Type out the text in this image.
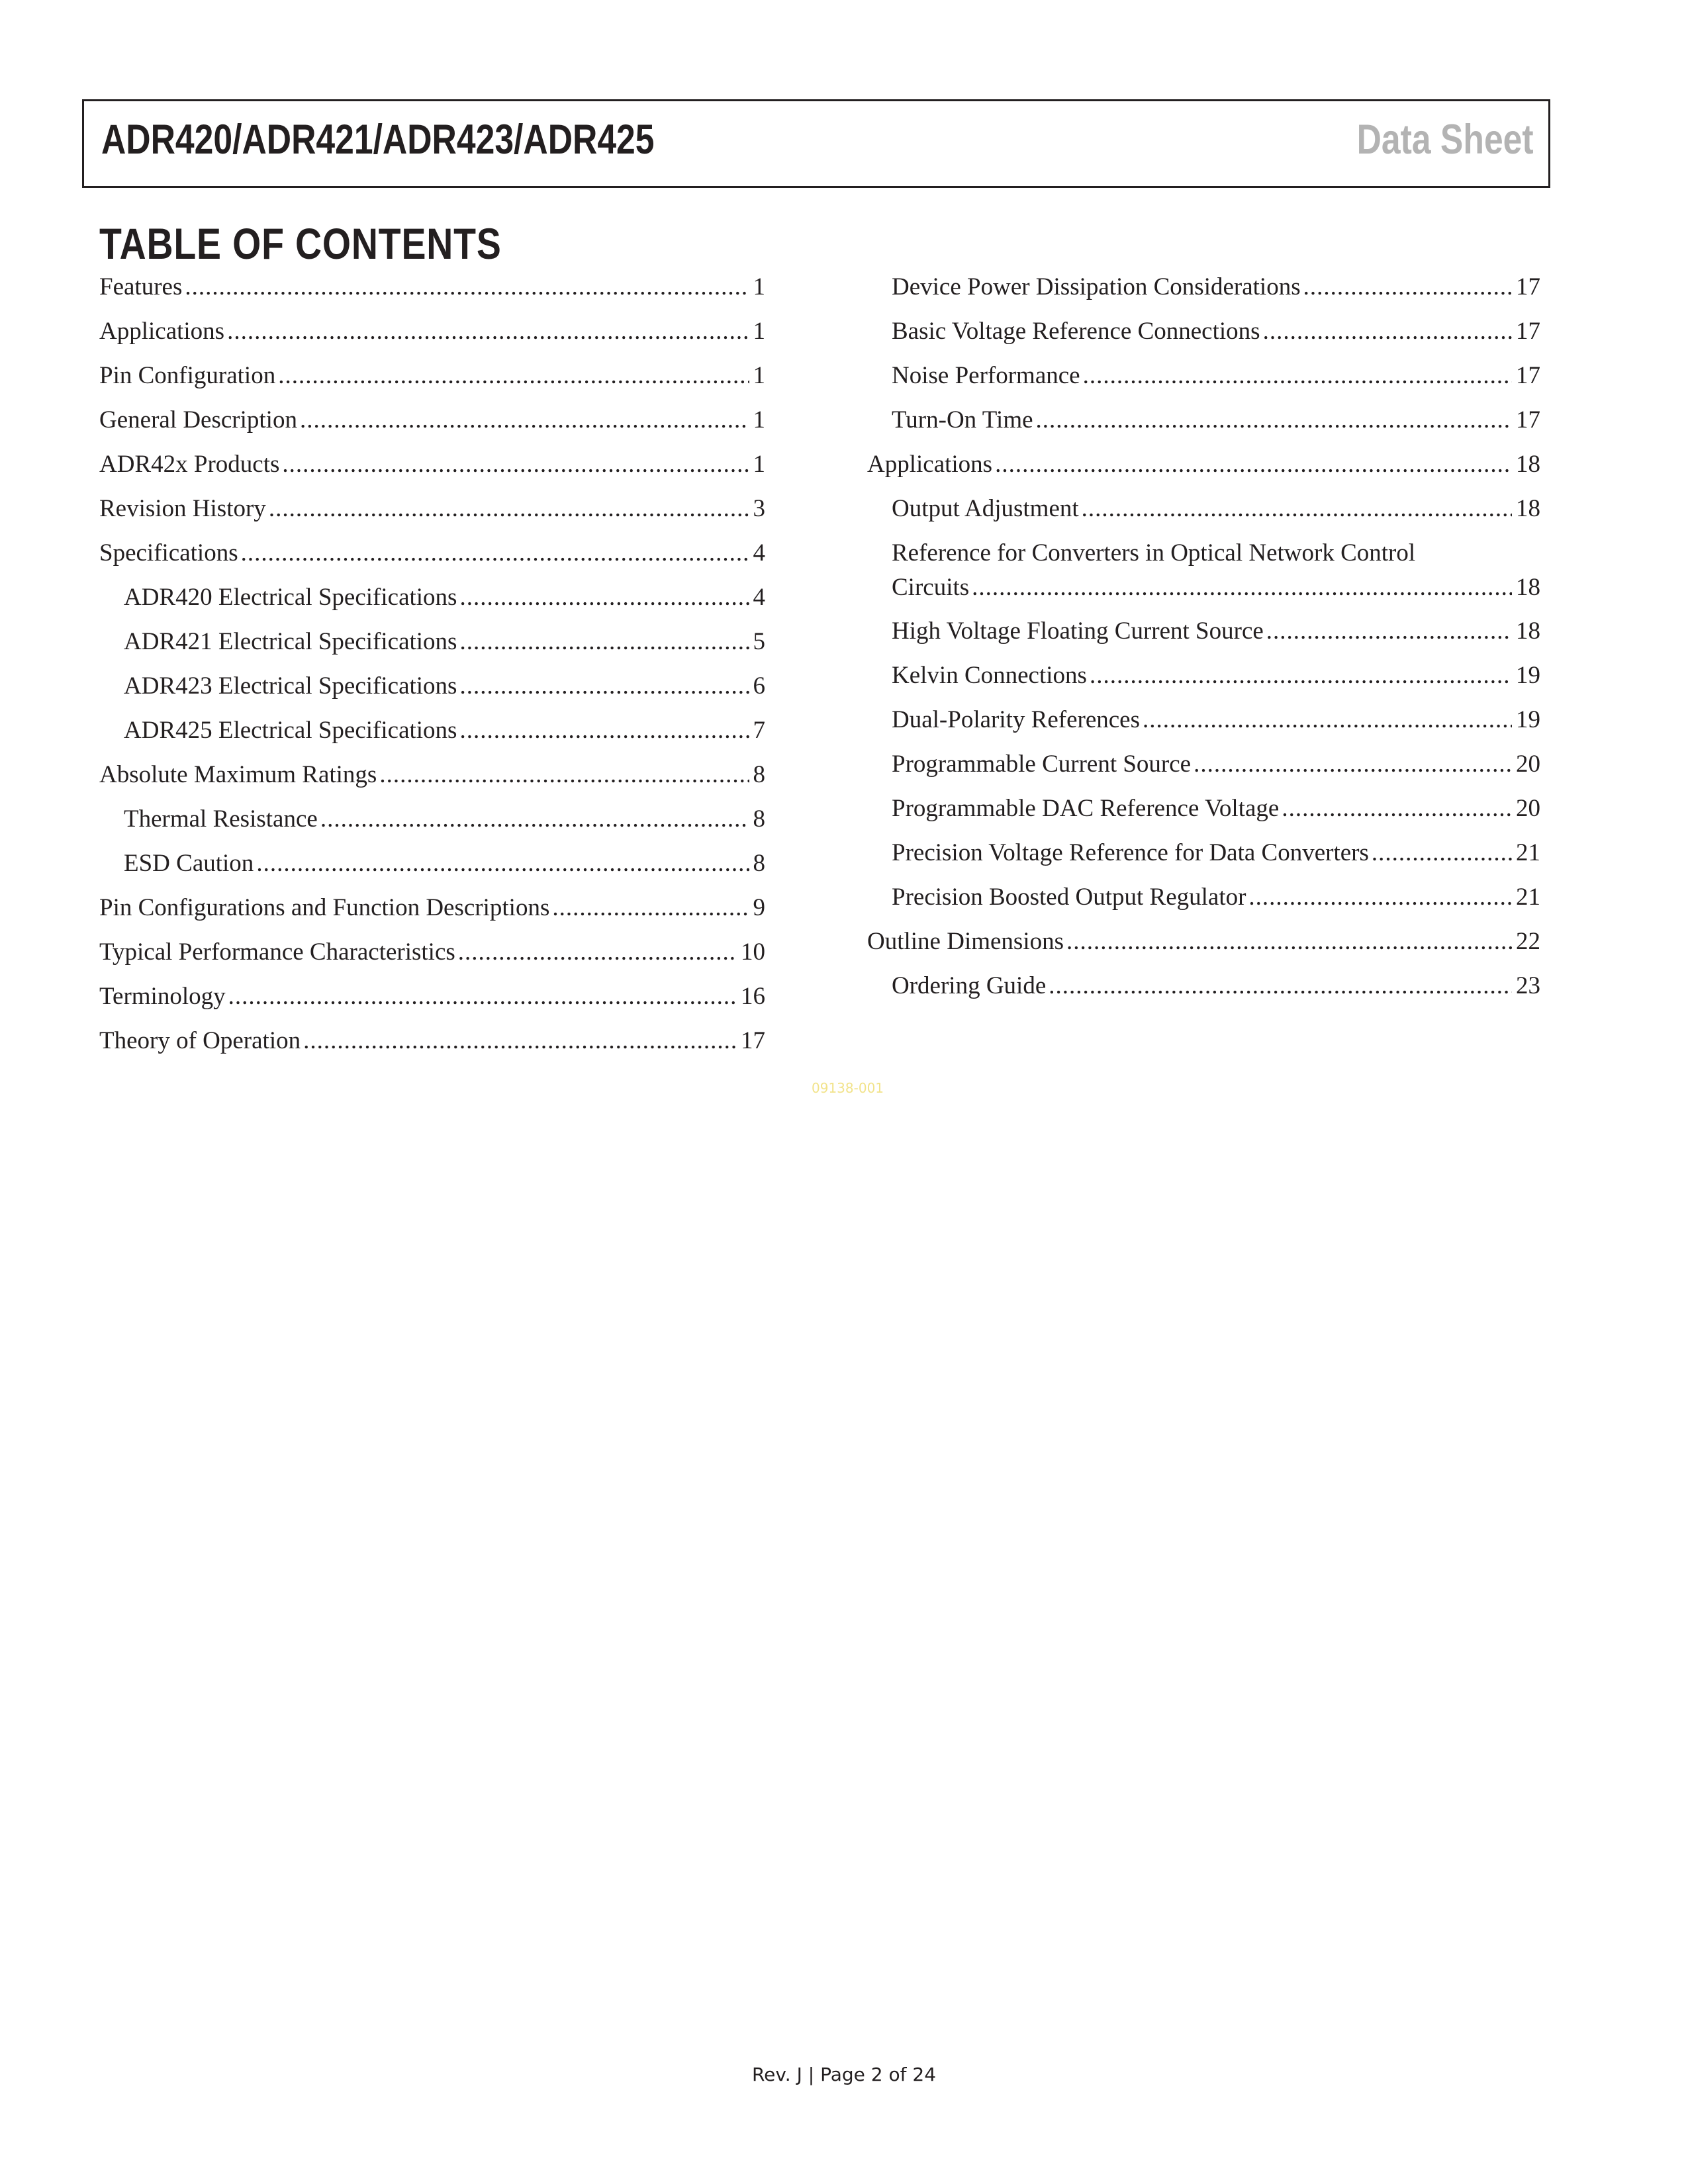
ADR420/ADR421/ADR423/ADR425	Data Sheet
TABLE OF CONTENTS
Features .....	1
Applications .....	1
Pin Configuration .....	1
General Description .....	1
ADR42x Products .....	1
Revision History .....	3
Specifications .....	4
ADR420 Electrical Specifications .....	4
ADR421 Electrical Specifications .....	5
ADR423 Electrical Specifications .....	6
ADR425 Electrical Specifications .....	7
Absolute Maximum Ratings .....	8
Thermal Resistance .....	8
ESD Caution .....	8
Pin Configurations and Function Descriptions .....	9
Typical Performance Characteristics .....	10
Terminology .....	16
Theory of Operation .....	17
Device Power Dissipation Considerations .....	17
Basic Voltage Reference Connections .....	17
Noise Performance .....	17
Turn-On Time .....	17
Applications .....	18
Output Adjustment .....	18
Reference for Converters in Optical Network Control
Circuits .....	18
High Voltage Floating Current Source .....	18
Kelvin Connections .....	19
Dual-Polarity References .....	19
Programmable Current Source .....	20
Programmable DAC Reference Voltage .....	20
Precision Voltage Reference for Data Converters .....	21
Precision Boosted Output Regulator .....	21
Outline Dimensions .....	22
Ordering Guide .....	23
09138-001
Rev. J | Page 2 of 24
